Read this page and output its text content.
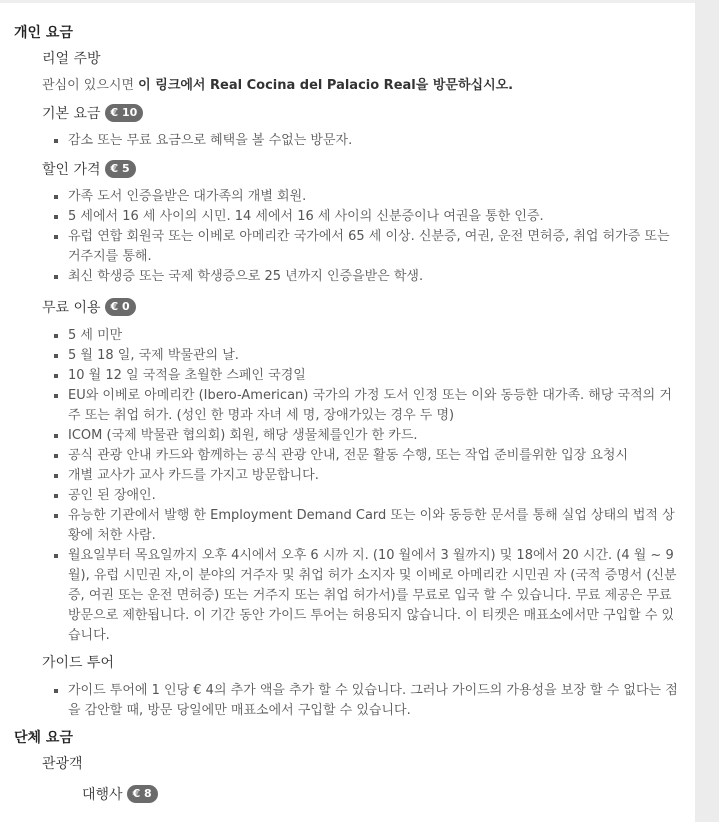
개인 요금
리얼 주방

관심이 있으시면 이 링크에서 Real Cocina del Palacio Real을 방문하십시오.

기본 요금 € 10
감소 또는 무료 요금으로 혜택을 볼 수없는 방문자.
할인 가격 € 5
가족 도서 인증을받은 대가족의 개별 회원.
5 세에서 16 세 사이의 시민. 14 세에서 16 세 사이의 신분증이나 여권을 통한 인증.
유럽 연합 회원국 또는 이베로 아메리칸 국가에서 65 세 이상. 신분증, 여권, 운전 면허증, 취업 허가증 또는 거주지를 통해.
최신 학생증 또는 국제 학생증으로 25 년까지 인증을받은 학생.
무료 이용 € 0
5 세 미만
5 월 18 일, 국제 박물관의 날.
10 월 12 일 국적을 초월한 스페인 국경일
EU와 이베로 아메리칸 (Ibero-American) 국가의 가정 도서 인정 또는 이와 동등한 대가족. 해당 국적의 거주 또는 취업 허가. (성인 한 명과 자녀 세 명, 장애가있는 경우 두 명)
ICOM (국제 박물관 협의회) 회원, 해당 생물체를인가 한 카드.
공식 관광 안내 카드와 함께하는 공식 관광 안내, 전문 활동 수행, 또는 작업 준비를위한 입장 요청시
개별 교사가 교사 카드를 가지고 방문합니다.
공인 된 장애인.
유능한 기관에서 발행 한 Employment Demand Card 또는 이와 동등한 문서를 통해 실업 상태의 법적 상황에 처한 사람.
월요일부터 목요일까지 오후 4시에서 오후 6 시까 지. (10 월에서 3 월까지) 및 18에서 20 시간. (4 월 ~ 9 월), 유럽 시민권 자,이 분야의 거주자 및 취업 허가 소지자 및 이베로 아메리칸 시민권 자 (국적 증명서 (신분증, 여권 또는 운전 면허증) 또는 거주지 또는 취업 허가서)를 무료로 입국 할 수 있습니다. 무료 제공은 무료 방문으로 제한됩니다. 이 기간 동안 가이드 투어는 허용되지 않습니다. 이 티켓은 매표소에서만 구입할 수 있습니다.
가이드 투어
가이드 투어에 1 인당 € 4의 추가 액을 추가 할 수 있습니다. 그러나 가이드의 가용성을 보장 할 수 없다는 점을 감안할 때, 방문 당일에만 매표소에서 구입할 수 있습니다.
단체 요금
관광객
대행사 € 8
